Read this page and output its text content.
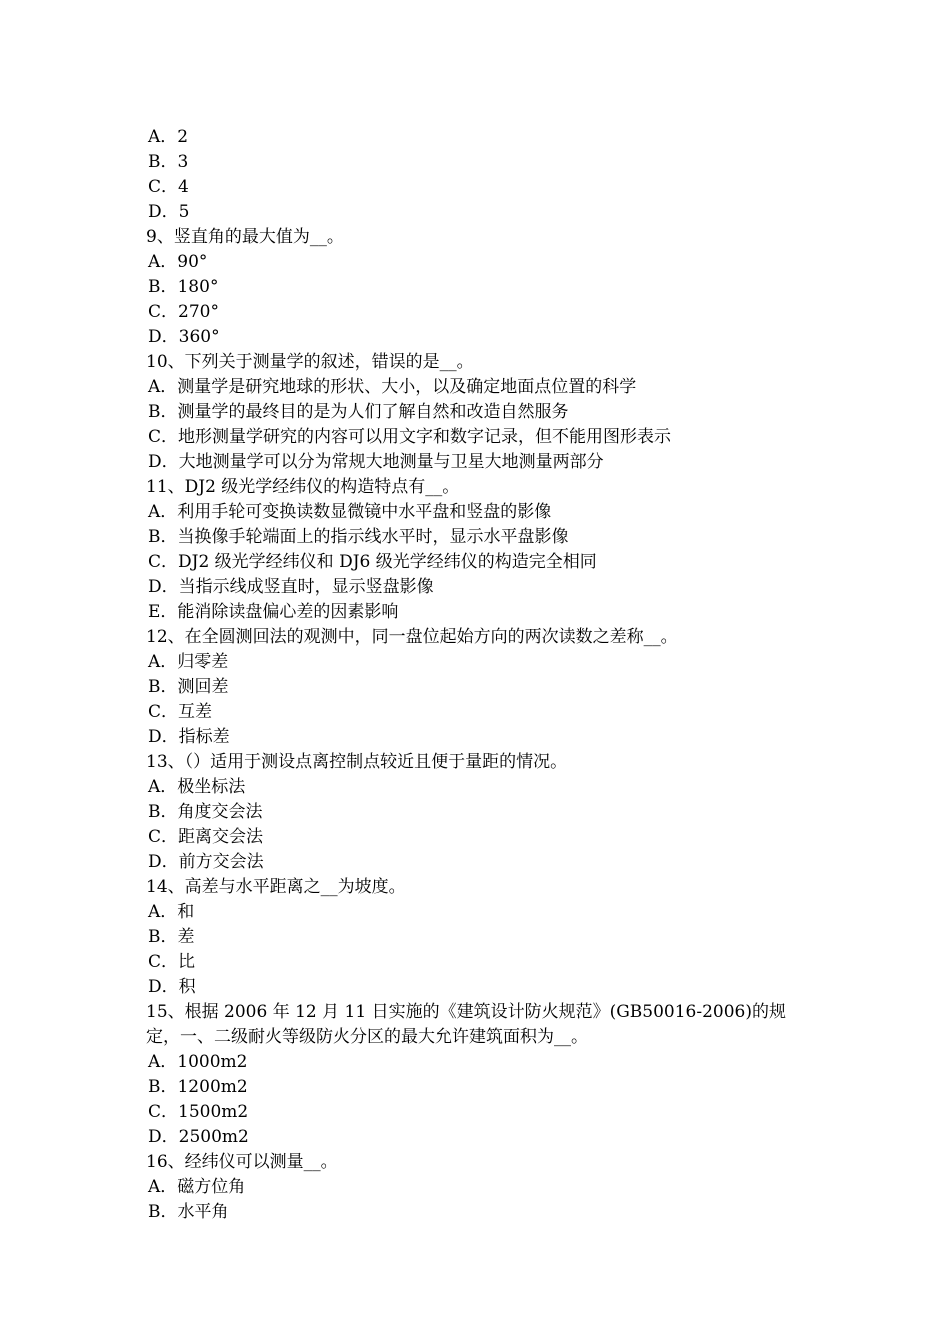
A．2
B．3
C．4
D．5
9、竖直角的最大值为__。
A．90°
B．180°
C．270°
D．360°
10、下列关于测量学的叙述，错误的是__。
A．测量学是研究地球的形状、大小，以及确定地面点位置的科学
B．测量学的最终目的是为人们了解自然和改造自然服务
C．地形测量学研究的内容可以用文字和数字记录，但不能用图形表示
D．大地测量学可以分为常规大地测量与卫星大地测量两部分
11、DJ2 级光学经纬仪的构造特点有__。
A．利用手轮可变换读数显微镜中水平盘和竖盘的影像
B．当换像手轮端面上的指示线水平时，显示水平盘影像
C．DJ2 级光学经纬仪和 DJ6 级光学经纬仪的构造完全相同
D．当指示线成竖直时，显示竖盘影像
E．能消除读盘偏心差的因素影响
12、在全圆测回法的观测中，同一盘位起始方向的两次读数之差称__。
A．归零差
B．测回差
C．互差
D．指标差
13、（）适用于测设点离控制点较近且便于量距的情况。
A．极坐标法
B．角度交会法
C．距离交会法
D．前方交会法
14、高差与水平距离之__为坡度。
A．和
B．差
C．比
D．积
15、根据 2006 年 12 月 11 日实施的《建筑设计防火规范》(GB50016-2006)的规
定，一、二级耐火等级防火分区的最大允许建筑面积为__。
A．1000m2
B．1200m2
C．1500m2
D．2500m2
16、经纬仪可以测量__。
A．磁方位角
B．水平角
